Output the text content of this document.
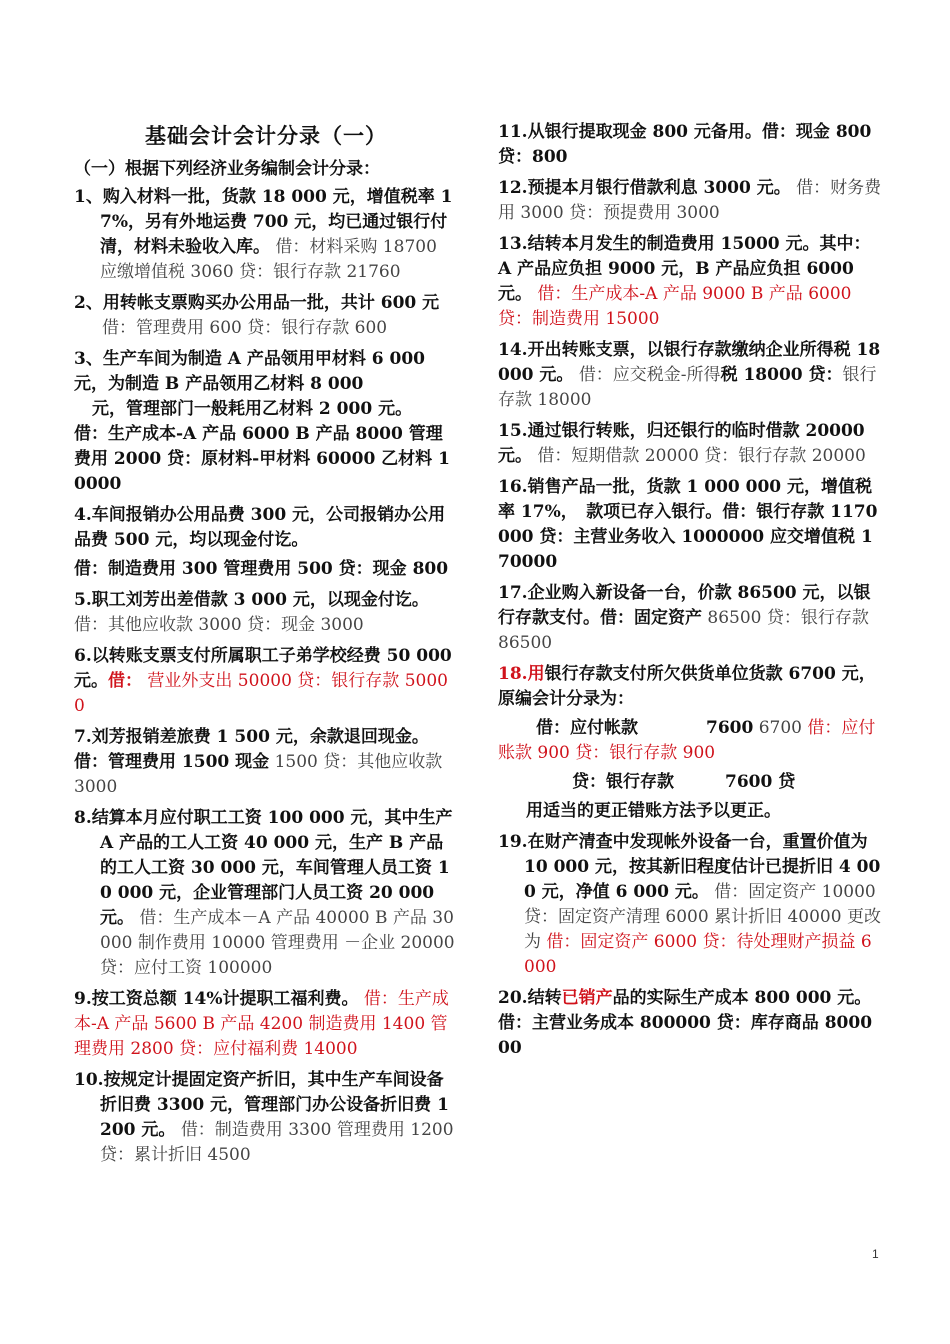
基础会计会计分录（一）
（一）根据下列经济业务编制会计分录：
1、购入材料一批，货款 18 000 元，增值税率 17%，另有外地运费 700 元，均已通过银行付清，材料未验收入库。 借：材料采购 18700 应缴增值税 3060 贷：银行存款 21760
2、用转帐支票购买办公用品一批，共计 600 元
借：管理费用 600 贷：银行存款 600
3、生产车间为制造 A 产品领用甲材料 6 000 元，为制造 B 产品领用乙材料 8 000
元，管理部门一般耗用乙材料 2 000 元。
借：生产成本-A 产品 6000 B 产品 8000 管理费用 2000 贷：原材料-甲材料 60000 乙材料 10000
4.车间报销办公用品费 300 元，公司报销办公用品费 500 元，均以现金付讫。
借：制造费用 300 管理费用 500 贷：现金 800
5.职工刘芳出差借款 3 000 元，以现金付讫。
借：其他应收款 3000 贷：现金 3000
6.以转账支票支付所属职工子弟学校经费 50 000 元。借： 营业外支出 50000 贷：银行存款 50000
7.刘芳报销差旅费 1 500 元，余款退回现金。 借：管理费用 1500 现金 1500 贷：其他应收款 3000
8.结算本月应付职工工资 100 000 元，其中生产 A 产品的工人工资 40 000 元，生产 B 产品的工人工资 30 000 元，车间管理人员工资 10 000 元，企业管理部门人员工资 20 000 元。 借：生产成本－A 产品 40000 B 产品 30000 制作费用 10000 管理费用 －企业 20000 贷：应付工资 100000
9.按工资总额 14%计提职工福利费。 借：生产成本-A 产品 5600 B 产品 4200 制造费用 1400 管理费用 2800 贷：应付福利费 14000
10.按规定计提固定资产折旧，其中生产车间设备折旧费 3300 元，管理部门办公设备折旧费 1200 元。 借：制造费用 3300 管理费用 1200 贷：累计折旧 4500
11.从银行提取现金 800 元备用。借：现金 800 贷：800
12.预提本月银行借款利息 3000 元。 借：财务费用 3000 贷：预提费用 3000
13.结转本月发生的制造费用 15000 元。其中：A 产品应负担 9000 元，B 产品应负担 6000 元。 借：生产成本-A 产品 9000 B 产品 6000 贷：制造费用 15000
14.开出转账支票，以银行存款缴纳企业所得税 18000 元。 借：应交税金-所得税 18000 贷：银行存款 18000
15.通过银行转账，归还银行的临时借款 20000 元。 借：短期借款 20000 贷：银行存款 20000
16.销售产品一批，货款 1 000 000 元，增值税率 17%，　款项已存入银行。借：银行存款 1170000 贷：主营业务收入 1000000 应交增值税 170000
17.企业购入新设备一台，价款 86500 元，以银行存款支付。借：固定资产 86500 贷：银行存款 86500
18.用银行存款支付所欠供货单位货款 6700 元，原编会计分录为：
借：应付帐款　　　　7600 6700 借：应付账款 900 贷：银行存款 900
贷：银行存款　　　7600 贷
用适当的更正错账方法予以更正。
19.在财产清查中发现帐外设备一台，重置价值为 10 000 元，按其新旧程度估计已提折旧 4 000 元，净值 6 000 元。 借：固定资产 10000 贷：固定资产清理 6000 累计折旧 40000 更改为 借：固定资产 6000 贷：待处理财产损益 6000
20.结转已销产品的实际生产成本 800 000 元。借：主营业务成本 800000 贷：库存商品 800000
1
